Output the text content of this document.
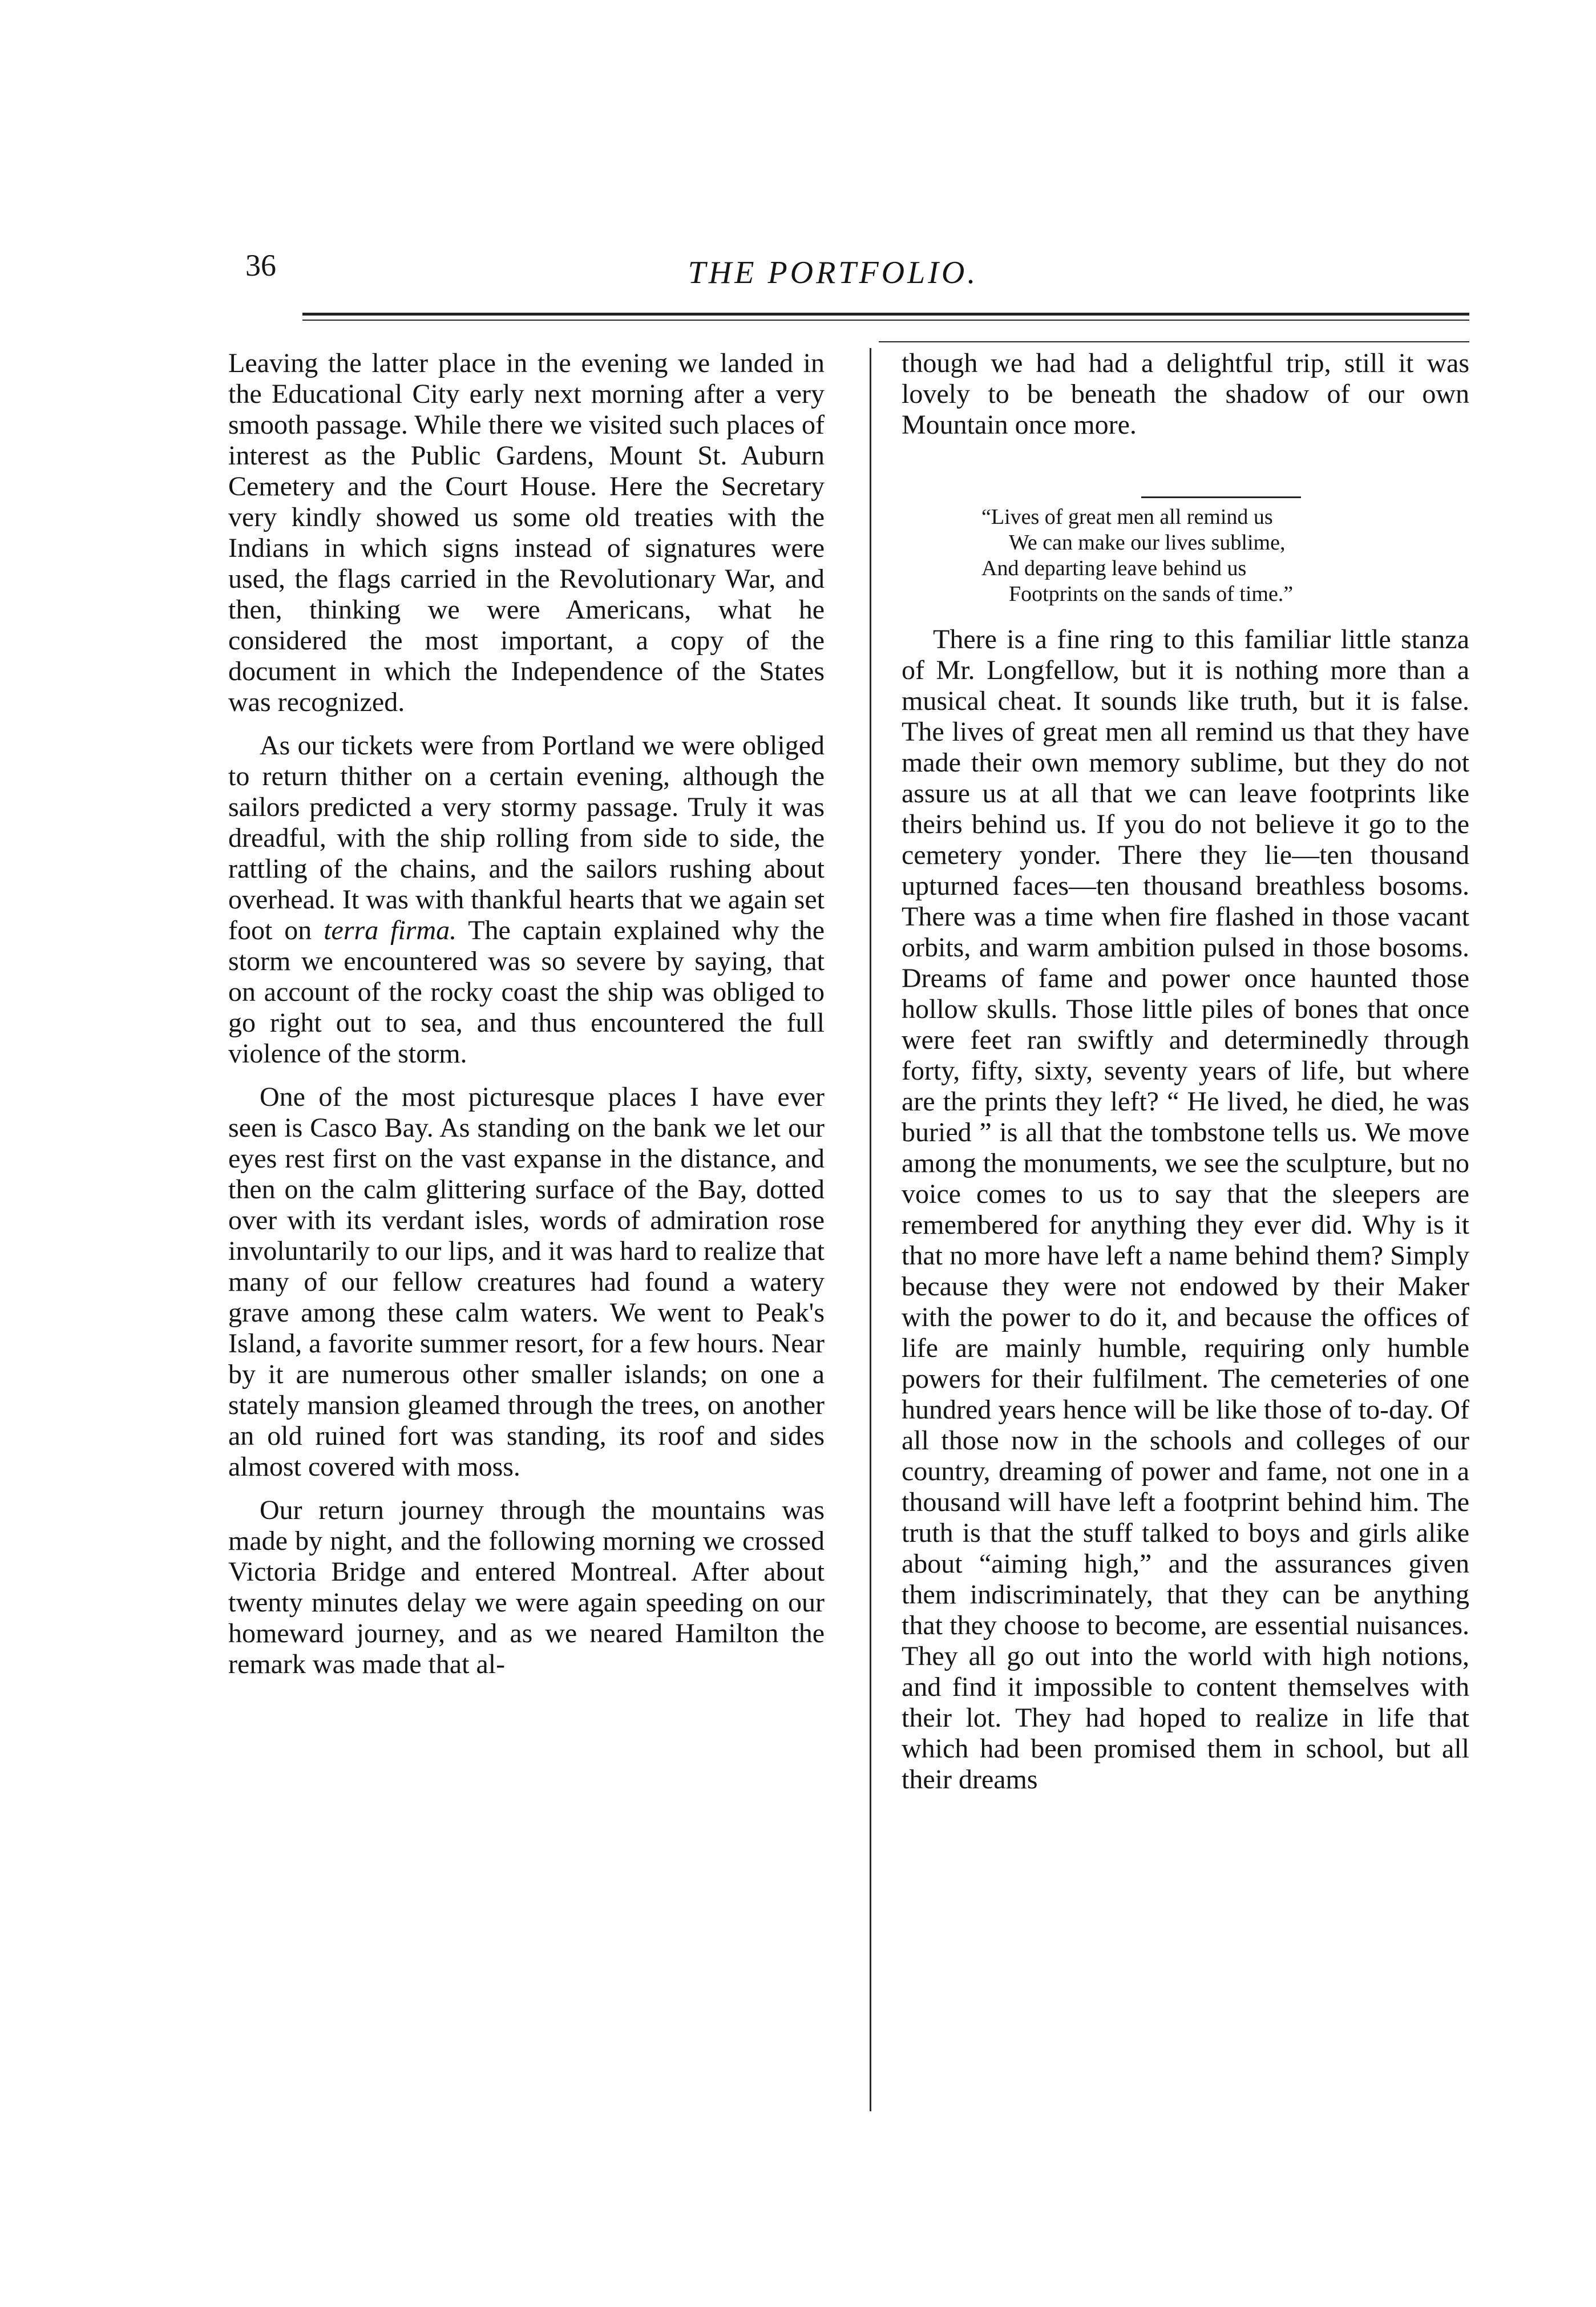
36	THE PORTFOLIO.

Leaving the latter place in the evening we landed in the Educational City early next morning after a very smooth passage. While there we visited such places of interest as the Public Gardens, Mount St. Auburn Cemetery and the Court House. Here the Secretary very kindly showed us some old treaties with the Indians in which signs instead of signatures were used, the flags carried in the Revolutionary War, and then, thinking we were Americans, what he considered the most important, a copy of the document in which the Independence of the States was recognized.

As our tickets were from Portland we were obliged to return thither on a certain evening, although the sailors predicted a very stormy passage. Truly it was dreadful, with the ship rolling from side to side, the rattling of the chains, and the sailors rushing about overhead. It was with thankful hearts that we again set foot on terra firma. The captain explained why the storm we encountered was so severe by saying, that on account of the rocky coast the ship was obliged to go right out to sea, and thus encountered the full violence of the storm.

One of the most picturesque places I have ever seen is Casco Bay. As standing on the bank we let our eyes rest first on the vast expanse in the distance, and then on the calm glittering surface of the Bay, dotted over with its verdant isles, words of admiration rose involuntarily to our lips, and it was hard to realize that many of our fellow creatures had found a watery grave among these calm waters. We went to Peak's Island, a favorite summer resort, for a few hours. Near by it are numerous other smaller islands; on one a stately mansion gleamed through the trees, on another an old ruined fort was standing, its roof and sides almost covered with moss.

Our return journey through the mountains was made by night, and the following morning we crossed Victoria Bridge and entered Montreal. After about twenty minutes delay we were again speeding on our homeward journey, and as we neared Hamilton the remark was made that al-

though we had had a delightful trip, still it was lovely to be beneath the shadow of our own Mountain once more.

“Lives of great men all remind us
We can make our lives sublime,
And departing leave behind us
Footprints on the sands of time.”

There is a fine ring to this familiar little stanza of Mr. Longfellow, but it is nothing more than a musical cheat. It sounds like truth, but it is false. The lives of great men all remind us that they have made their own memory sublime, but they do not assure us at all that we can leave footprints like theirs behind us. If you do not believe it go to the cemetery yonder. There they lie—ten thousand upturned faces—ten thousand breathless bosoms. There was a time when fire flashed in those vacant orbits, and warm ambition pulsed in those bosoms. Dreams of fame and power once haunted those hollow skulls. Those little piles of bones that once were feet ran swiftly and determinedly through forty, fifty, sixty, seventy years of life, but where are the prints they left? “ He lived, he died, he was buried ” is all that the tombstone tells us. We move among the monuments, we see the sculpture, but no voice comes to us to say that the sleepers are remembered for anything they ever did. Why is it that no more have left a name behind them? Simply because they were not endowed by their Maker with the power to do it, and because the offices of life are mainly humble, requiring only humble powers for their fulfilment. The cemeteries of one hundred years hence will be like those of to-day. Of all those now in the schools and colleges of our country, dreaming of power and fame, not one in a thousand will have left a footprint behind him. The truth is that the stuff talked to boys and girls alike about “aiming high,” and the assurances given them indiscriminately, that they can be anything that they choose to become, are essential nuisances. They all go out into the world with high notions, and find it impossible to content themselves with their lot. They had hoped to realize in life that which had been promised them in school, but all their dreams
